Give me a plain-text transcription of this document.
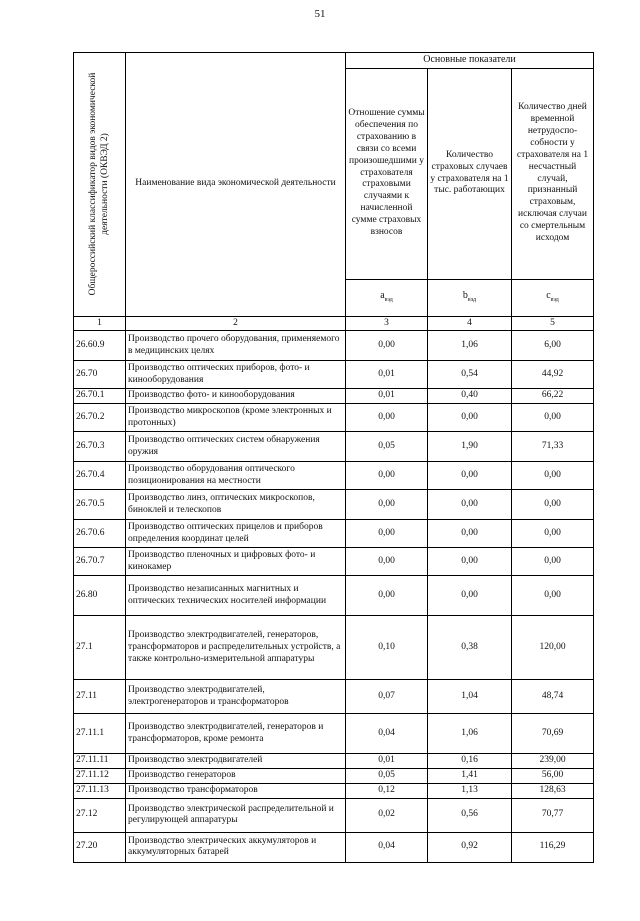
51
Общероссийский классификатор видов экономической деятельности (ОКВЭД 2)	Наименование вида экономической деятельности	Основные показатели		
		Отношение суммы обеспечения по страхованию в связи со всеми произошедшими у страхователя страховыми случаями к начисленной сумме страховых взносов	Количество страховых случаев у страхователя на 1 тыс. работающих	Количество дней временной нетрудоспо-собности у страхователя на 1 несчастный случай, признанный страховым, исключая случаи со смертельным исходом
		$a_{вэд}$	$b_{вэд}$	$c_{вэд}$
1	2	3	4	5
26.60.9	Производство прочего оборудования, применяемого в медицинских целях	0,00	1,06	6,00
26.70	Производство оптических приборов, фото- и кинооборудования	0,01	0,54	44,92
26.70.1	Производство фото- и кинооборудования	0,01	0,40	66,22
26.70.2	Производство микроскопов (кроме электронных и протонных)	0,00	0,00	0,00
26.70.3	Производство оптических систем обнаружения оружия	0,05	1,90	71,33
26.70.4	Производство оборудования оптического позиционирования на местности	0,00	0,00	0,00
26.70.5	Производство линз, оптических микроскопов, биноклей и телескопов	0,00	0,00	0,00
26.70.6	Производство оптических прицелов и приборов определения координат целей	0,00	0,00	0,00
26.70.7	Производство пленочных и цифровых фото- и кинокамер	0,00	0,00	0,00
26.80	Производство незаписанных магнитных и оптических технических носителей информации	0,00	0,00	0,00
27.1	Производство электродвигателей, генераторов, трансформаторов и распределительных устройств, а также контрольно-измерительной аппаратуры	0,10	0,38	120,00
27.11	Производство электродвигателей, электрогенераторов и трансформаторов	0,07	1,04	48,74
27.11.1	Производство электродвигателей, генераторов и трансформаторов, кроме ремонта	0,04	1,06	70,69
27.11.11	Производство электродвигателей	0,01	0,16	239,00
27.11.12	Производство генераторов	0,05	1,41	56,00
27.11.13	Производство трансформаторов	0,12	1,13	128,63
27.12	Производство электрической распределительной и регулирующей аппаратуры	0,02	0,56	70,77
27.20	Производство электрических аккумуляторов и аккумуляторных батарей	0,04	0,92	116,29
